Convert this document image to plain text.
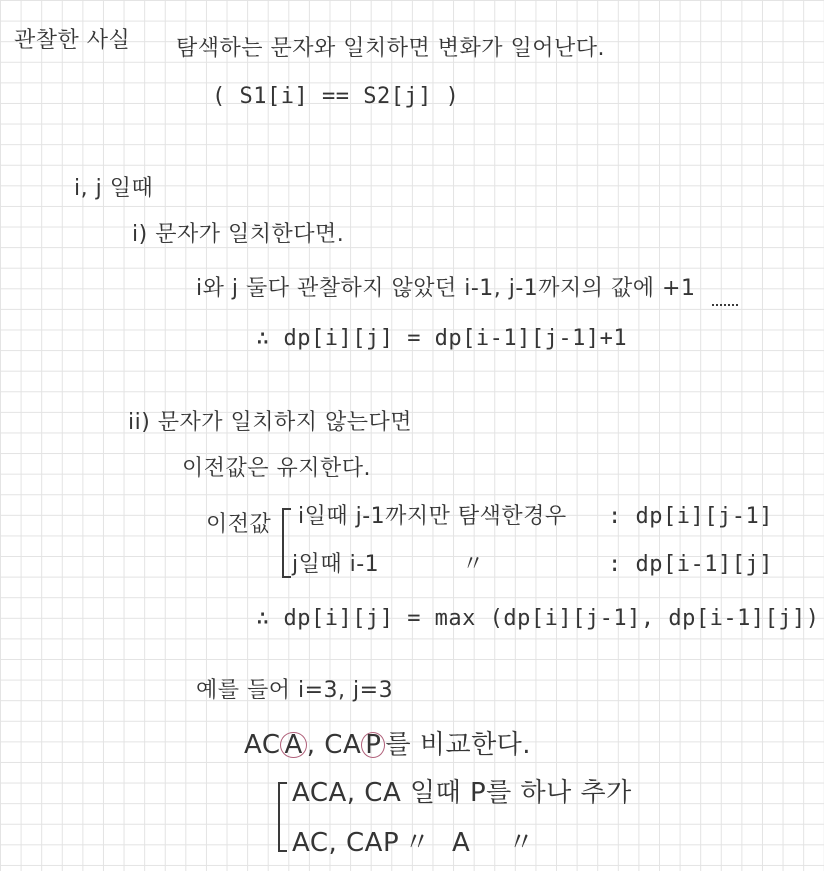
관찰한 사실 탐색하는 문자와 일치하면 변화가 일어난다.
( S1[i] == S2[j] )
i, j 일때
i) 문자가 일치한다면.
i와 j 둘다 관찰하지 않았던 i-1, j-1까지의 값에 +1
∴ dp[i][j] = dp[i-1][j-1]+1
ii) 문자가 일치하지 않는다면
이전값은 유지한다.
이전값 i일때 j-1까지만 탐색한경우 : dp[i][j-1]
j일때 i-1	〃	: dp[i-1][j]
∴ dp[i][j] = max (dp[i][j-1], dp[i-1][j])
예를 들어 i=3, j=3
AC A , CA P 를 비교한다.
ACA, CA 일때 P를 하나 추가
AC, CAP 〃 A 〃
